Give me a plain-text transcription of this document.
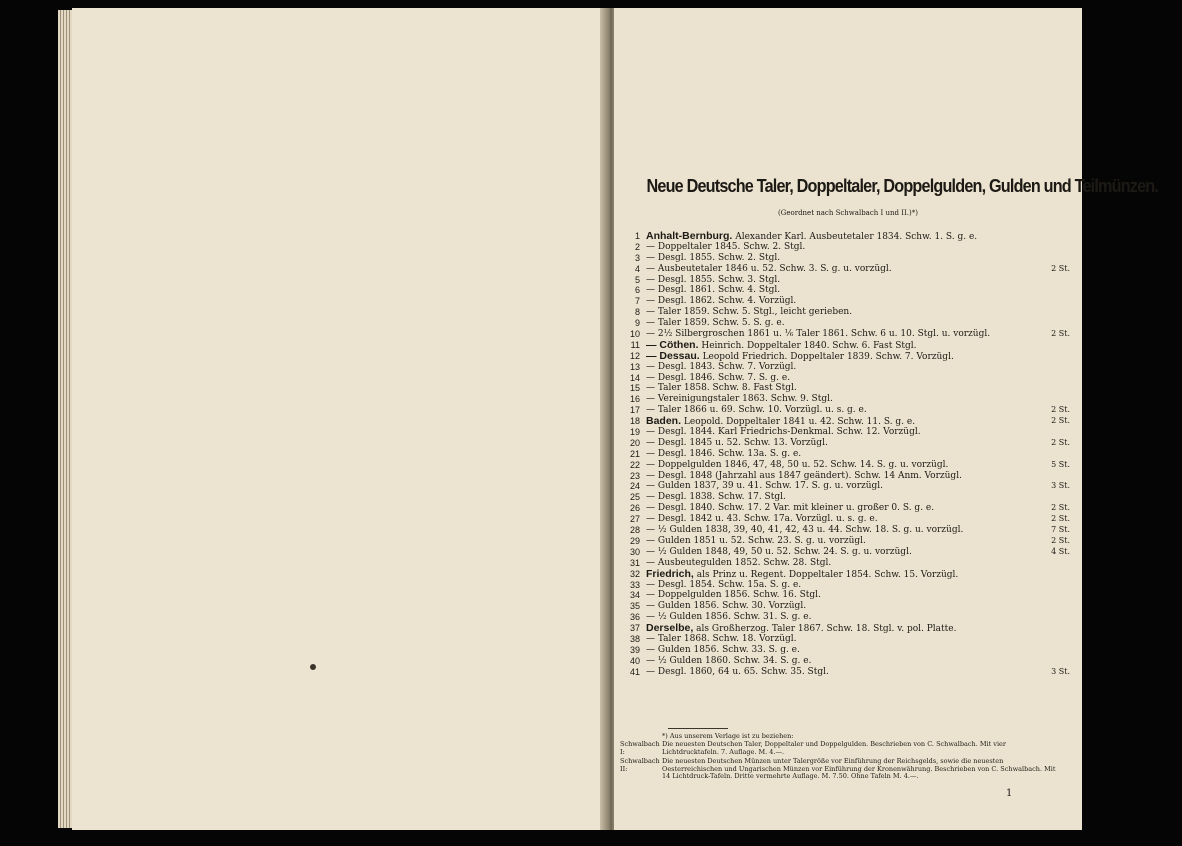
Neue Deutsche Taler, Doppeltaler, Doppelgulden, Gulden und Teilmünzen.
(Geordnet nach Schwalbach I und II.)*)
1 Anhalt-Bernburg. Alexander Karl. Ausbeutetaler 1834. Schw. 1. S. g. e.
2 — Doppeltaler 1845. Schw. 2. Stgl.
3 — Desgl. 1855. Schw. 2. Stgl.
4 — Ausbeutetaler 1846 u. 52. Schw. 3. S. g. u. vorzügl.	2 St.
5 — Desgl. 1855. Schw. 3. Stgl.
6 — Desgl. 1861. Schw. 4. Stgl.
7 — Desgl. 1862. Schw. 4. Vorzügl.
8 — Taler 1859. Schw. 5. Stgl., leicht gerieben.
9 — Taler 1859. Schw. 5. S. g. e.
10 — 2½ Silbergroschen 1861 u. ⅙ Taler 1861. Schw. 6 u. 10. Stgl. u. vorzügl.	2 St.
11 — Cöthen. Heinrich. Doppeltaler 1840. Schw. 6. Fast Stgl.
12 — Dessau. Leopold Friedrich. Doppeltaler 1839. Schw. 7. Vorzügl.
13 — Desgl. 1843. Schw. 7. Vorzügl.
14 — Desgl. 1846. Schw. 7. S. g. e.
15 — Taler 1858. Schw. 8. Fast Stgl.
16 — Vereinigungstaler 1863. Schw. 9. Stgl.
17 — Taler 1866 u. 69. Schw. 10. Vorzügl. u. s. g. e.	2 St.
18 Baden. Leopold. Doppeltaler 1841 u. 42. Schw. 11. S. g. e.	2 St.
19 — Desgl. 1844. Karl Friedrichs-Denkmal. Schw. 12. Vorzügl.
20 — Desgl. 1845 u. 52. Schw. 13. Vorzügl.	2 St.
21 — Desgl. 1846. Schw. 13a. S. g. e.
22 — Doppelgulden 1846, 47, 48, 50 u. 52. Schw. 14. S. g. u. vorzügl.	5 St.
23 — Desgl. 1848 (Jahrzahl aus 1847 geändert). Schw. 14 Anm. Vorzügl.
24 — Gulden 1837, 39 u. 41. Schw. 17. S. g. u. vorzügl.	3 St.
25 — Desgl. 1838. Schw. 17. Stgl.
26 — Desgl. 1840. Schw. 17. 2 Var. mit kleiner u. großer 0. S. g. e.	2 St.
27 — Desgl. 1842 u. 43. Schw. 17a. Vorzügl. u. s. g. e.	2 St.
28 — ½ Gulden 1838, 39, 40, 41, 42, 43 u. 44. Schw. 18. S. g. u. vorzügl.	7 St.
29 — Gulden 1851 u. 52. Schw. 23. S. g. u. vorzügl.	2 St.
30 — ½ Gulden 1848, 49, 50 u. 52. Schw. 24. S. g. u. vorzügl.	4 St.
31 — Ausbeutegulden 1852. Schw. 28. Stgl.
32 Friedrich, als Prinz u. Regent. Doppeltaler 1854. Schw. 15. Vorzügl.
33 — Desgl. 1854. Schw. 15a. S. g. e.
34 — Doppelgulden 1856. Schw. 16. Stgl.
35 — Gulden 1856. Schw. 30. Vorzügl.
36 — ½ Gulden 1856. Schw. 31. S. g. e.
37 Derselbe, als Großherzog. Taler 1867. Schw. 18. Stgl. v. pol. Platte.
38 — Taler 1868. Schw. 18. Vorzügl.
39 — Gulden 1856. Schw. 33. S. g. e.
40 — ½ Gulden 1860. Schw. 34. S. g. e.
41 — Desgl. 1860, 64 u. 65. Schw. 35. Stgl.	3 St.
*) Aus unserem Verlage ist zu beziehen:
Schwalbach I:
Die neuesten Deutschen Taler, Doppeltaler und Doppelgulden. Beschrieben von C. Schwalbach. Mit vier Lichtdrucktafeln. 7. Auflage. M. 4.—.
Schwalbach II:
Die neuesten Deutschen Münzen unter Talergröße vor Einführung der Reichsgelds, sowie die neuesten Oesterreichischen und Ungarischen Münzen vor Einführung der Kronenwährung. Beschrieben von C. Schwalbach. Mit 14 Lichtdruck-Tafeln. Dritte vermehrte Auflage. M. 7.50. Ohne Tafeln M. 4.—.
1
